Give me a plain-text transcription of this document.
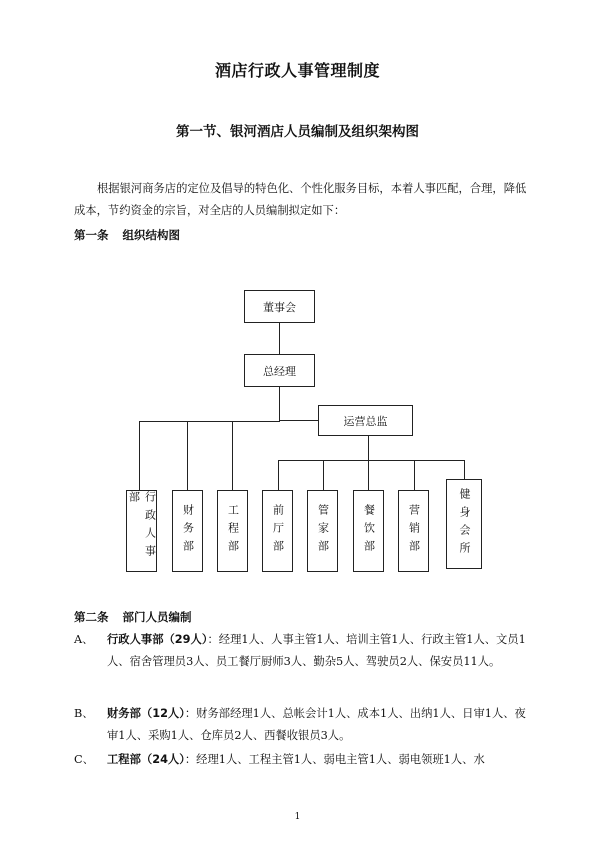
酒店行政人事管理制度
第一节、银河酒店人员编制及组织架构图
根据银河商务店的定位及倡导的特色化、个性化服务目标，本着人事匹配，合理，降低成本，节约资金的宗旨，对全店的人员编制拟定如下：
第一条 组织结构图
董事会
总经理
运营总监
行政人事部
财务部	工程部	前厅部	管家部	餐饮部	营销部	健身会所
第二条 部门人员编制
A、 行政人事部（29人）：经理1人、人事主管1人、培训主管1人、行政主管1人、文员1人、宿舍管理员3人、员工餐厅厨师3人、勤杂5人、驾驶员2人、保安员11人。
B、 财务部（12人）：财务部经理1人、总帐会计1人、成本1人、出纳1人、日审1人、夜审1人、采购1人、仓库员2人、西餐收银员3人。
C、 工程部（24人）：经理1人、工程主管1人、弱电主管1人、弱电领班1人、水
1
